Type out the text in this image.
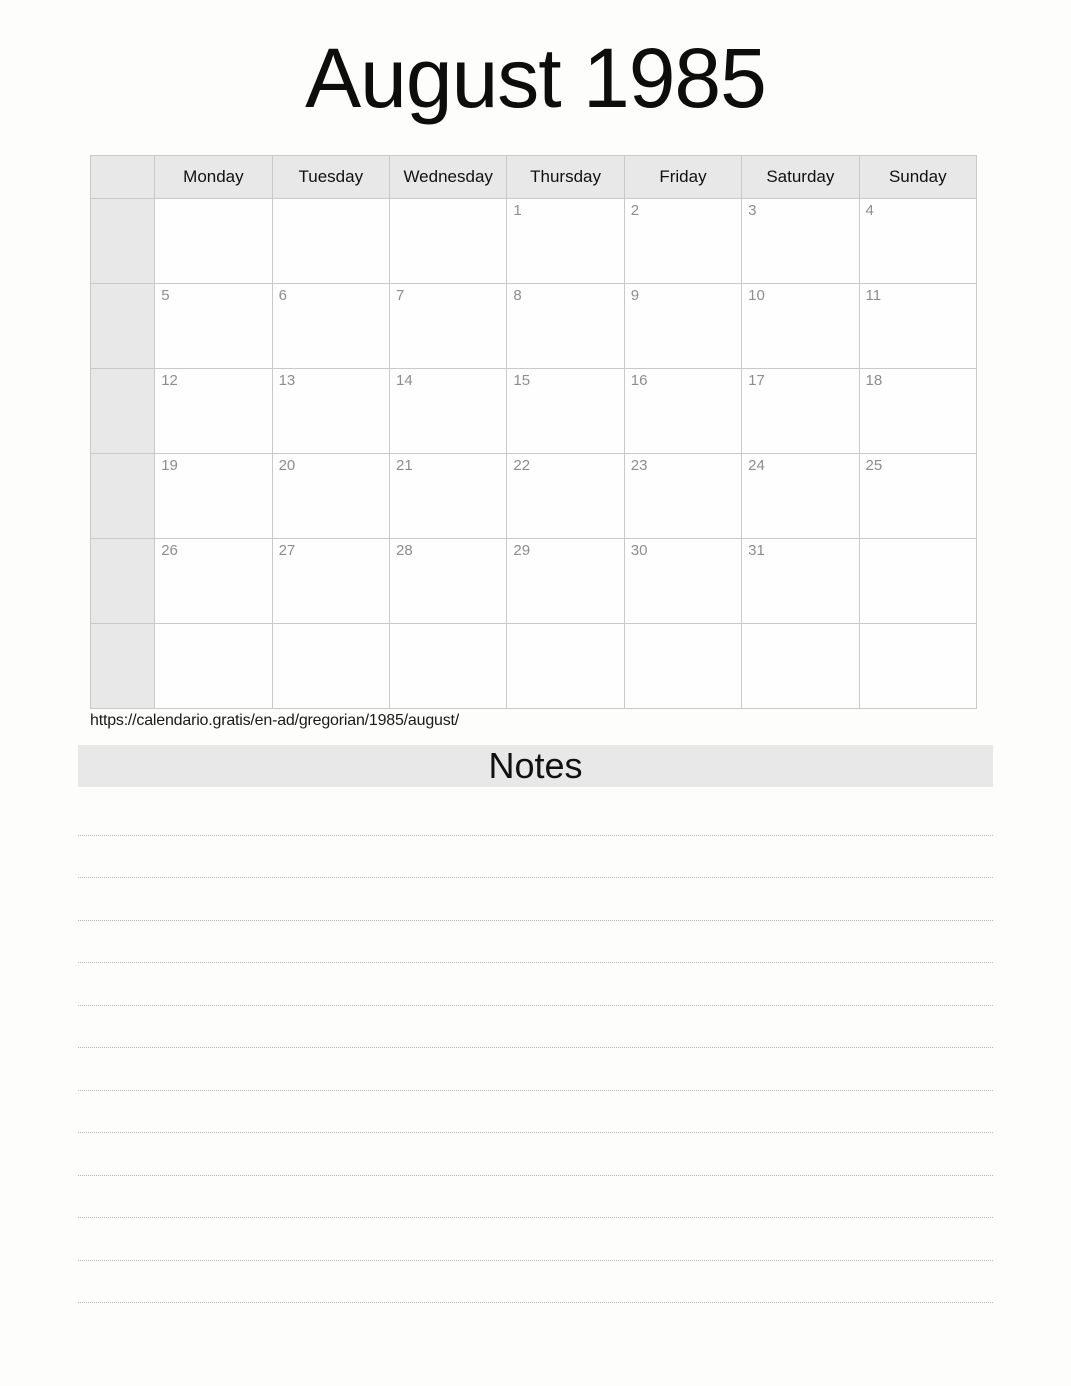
August 1985
	Monday	Tuesday	Wednesday	Thursday	Friday	Saturday	Sunday

				1	2	3	4

	5	6	7	8	9	10	11

	12	13	14	15	16	17	18

	19	20	21	22	23	24	25

	26	27	28	29	30	31	

https://calendario.gratis/en-ad/gregorian/1985/august/
Notes
